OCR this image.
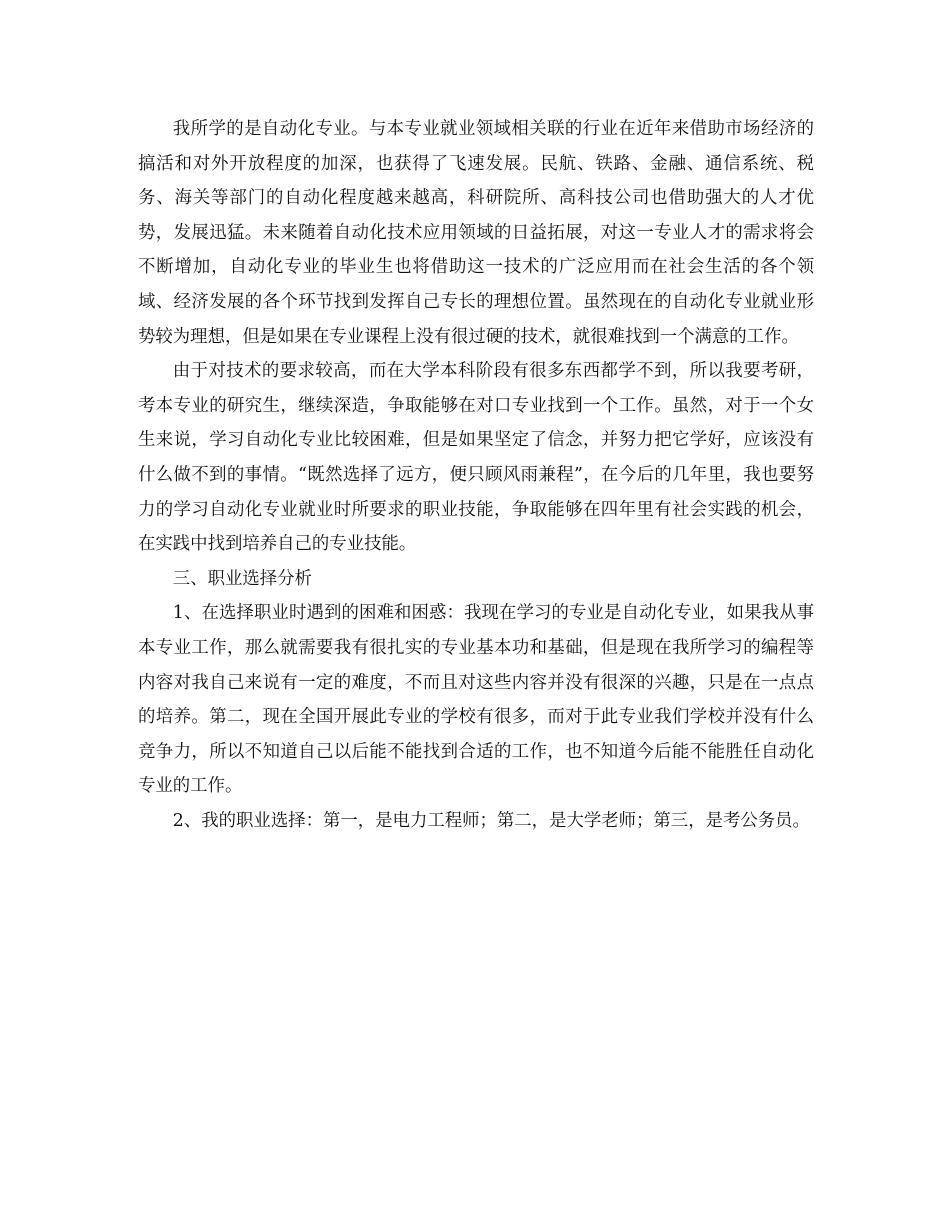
我所学的是自动化专业。与本专业就业领域相关联的行业在近年来借助市场经济的搞活和对外开放程度的加深，也获得了飞速发展。民航、铁路、金融、通信系统、税务、海关等部门的自动化程度越来越高，科研院所、高科技公司也借助强大的人才优势，发展迅猛。未来随着自动化技术应用领域的日益拓展，对这一专业人才的需求将会不断增加，自动化专业的毕业生也将借助这一技术的广泛应用而在社会生活的各个领域、经济发展的各个环节找到发挥自己专长的理想位置。虽然现在的自动化专业就业形势较为理想，但是如果在专业课程上没有很过硬的技术，就很难找到一个满意的工作。

由于对技术的要求较高，而在大学本科阶段有很多东西都学不到，所以我要考研，考本专业的研究生，继续深造，争取能够在对口专业找到一个工作。虽然，对于一个女生来说，学习自动化专业比较困难，但是如果坚定了信念，并努力把它学好，应该没有什么做不到的事情。“既然选择了远方，便只顾风雨兼程”，在今后的几年里，我也要努力的学习自动化专业就业时所要求的职业技能，争取能够在四年里有社会实践的机会，在实践中找到培养自己的专业技能。

三、职业选择分析

1、在选择职业时遇到的困难和困惑：我现在学习的专业是自动化专业，如果我从事本专业工作，那么就需要我有很扎实的专业基本功和基础，但是现在我所学习的编程等内容对我自己来说有一定的难度，不而且对这些内容并没有很深的兴趣，只是在一点点的培养。第二，现在全国开展此专业的学校有很多，而对于此专业我们学校并没有什么竞争力，所以不知道自己以后能不能找到合适的工作，也不知道今后能不能胜任自动化专业的工作。

2、我的职业选择：第一，是电力工程师；第二，是大学老师；第三，是考公务员。
